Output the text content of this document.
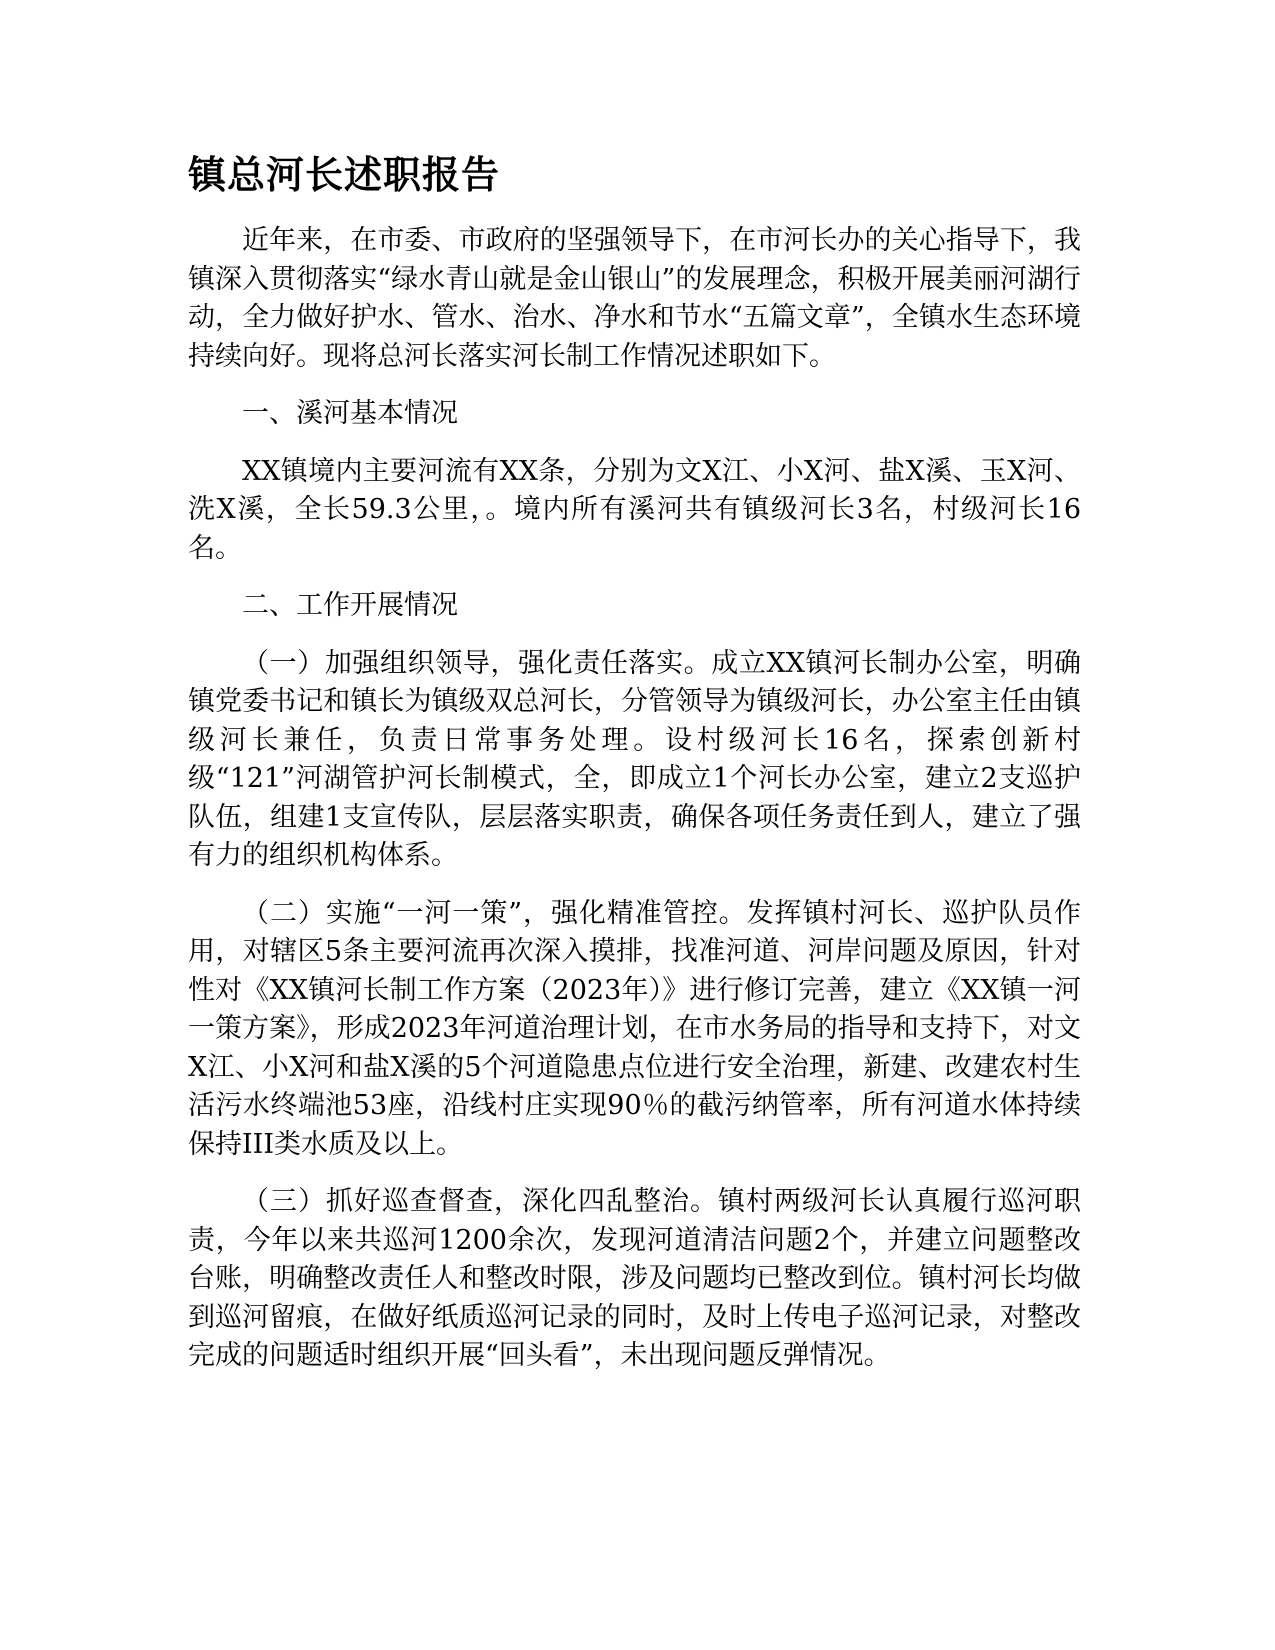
镇总河长述职报告

近年来，在市委、市政府的坚强领导下，在市河长办的关心指导下，我镇深入贯彻落实“绿水青山就是金山银山”的发展理念，积极开展美丽河湖行动，全力做好护水、管水、治水、净水和节水“五篇文章”，全镇水生态环境持续向好。现将总河长落实河长制工作情况述职如下。

一、溪河基本情况

XX镇境内主要河流有XX条，分别为文X江、小X河、盐X溪、玉X河、洗X溪，全长59.3公里，。境内所有溪河共有镇级河长3名，村级河长16名。

二、工作开展情况

（一）加强组织领导，强化责任落实。成立XX镇河长制办公室，明确镇党委书记和镇长为镇级双总河长，分管领导为镇级河长，办公室主任由镇级河长兼任，负责日常事务处理。设村级河长16名，探索创新村级“121”河湖管护河长制模式，全，即成立1个河长办公室，建立2支巡护队伍，组建1支宣传队，层层落实职责，确保各项任务责任到人，建立了强有力的组织机构体系。

（二）实施“一河一策”，强化精准管控。发挥镇村河长、巡护队员作用，对辖区5条主要河流再次深入摸排，找准河道、河岸问题及原因，针对性对《XX镇河长制工作方案（2023年）》进行修订完善，建立《XX镇一河一策方案》，形成2023年河道治理计划，在市水务局的指导和支持下，对文X江、小X河和盐X溪的5个河道隐患点位进行安全治理，新建、改建农村生活污水终端池53座，沿线村庄实现90％的截污纳管率，所有河道水体持续保持III类水质及以上。

（三）抓好巡查督查，深化四乱整治。镇村两级河长认真履行巡河职责，今年以来共巡河1200余次，发现河道清洁问题2个，并建立问题整改台账，明确整改责任人和整改时限，涉及问题均已整改到位。镇村河长均做到巡河留痕，在做好纸质巡河记录的同时，及时上传电子巡河记录，对整改完成的问题适时组织开展“回头看”，未出现问题反弹情况。
